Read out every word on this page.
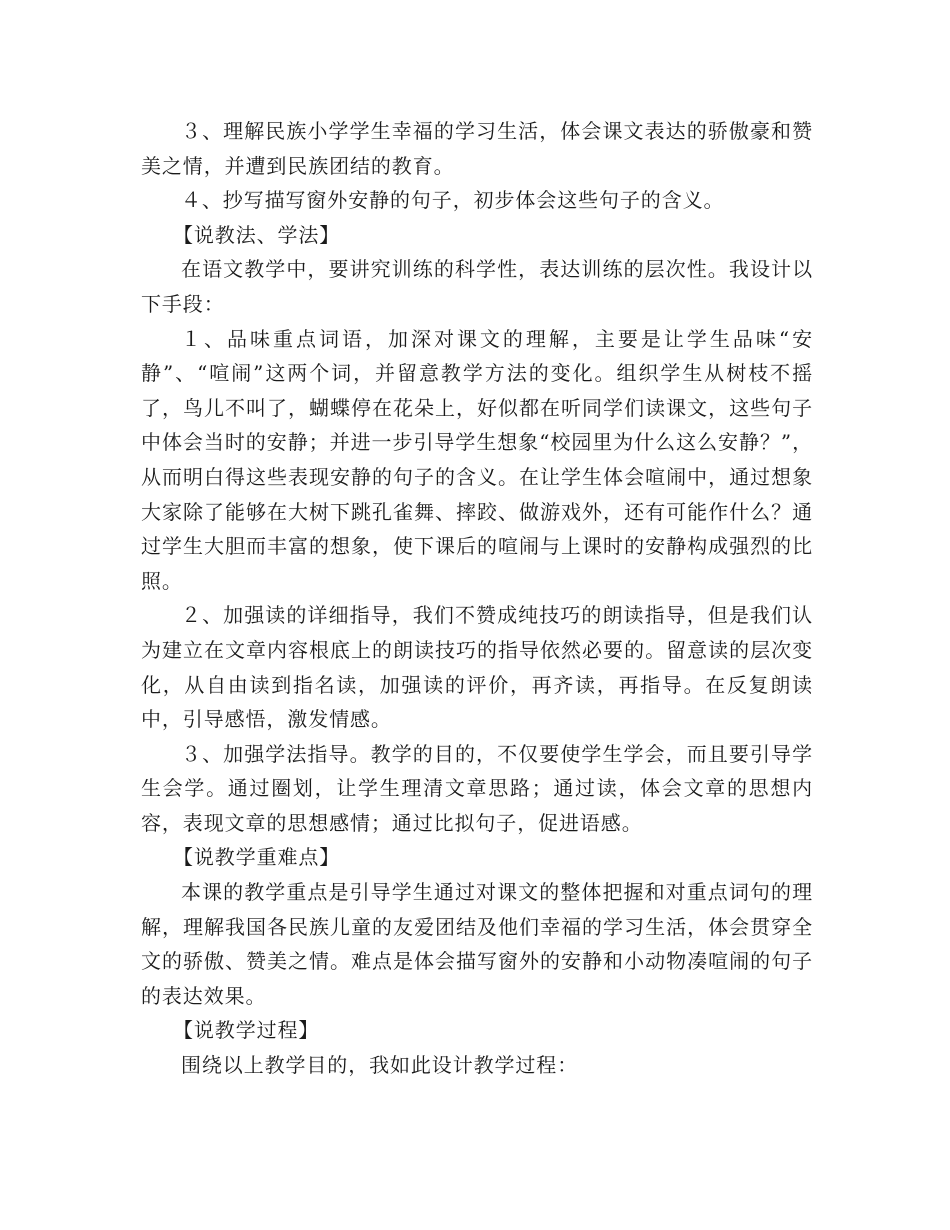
３、理解民族小学学生幸福的学习生活，体会课文表达的骄傲豪和赞美之情，并遭到民族团结的教育。

４、抄写描写窗外安静的句子，初步体会这些句子的含义。

【说教法、学法】

在语文教学中，要讲究训练的科学性，表达训练的层次性。我设计以下手段：

１、品味重点词语，加深对课文的理解，主要是让学生品味“安静”、“喧闹”这两个词，并留意教学方法的变化。组织学生从树枝不摇了，鸟儿不叫了，蝴蝶停在花朵上，好似都在听同学们读课文，这些句子中体会当时的安静；并进一步引导学生想象“校园里为什么这么安静？”，从而明白得这些表现安静的句子的含义。在让学生体会喧闹中，通过想象大家除了能够在大树下跳孔雀舞、摔跤、做游戏外，还有可能作什么？通过学生大胆而丰富的想象，使下课后的喧闹与上课时的安静构成强烈的比照。

２、加强读的详细指导，我们不赞成纯技巧的朗读指导，但是我们认为建立在文章内容根底上的朗读技巧的指导依然必要的。留意读的层次变化，从自由读到指名读，加强读的评价，再齐读，再指导。在反复朗读中，引导感悟，激发情感。

３、加强学法指导。教学的目的，不仅要使学生学会，而且要引导学生会学。通过圈划，让学生理清文章思路；通过读，体会文章的思想内容，表现文章的思想感情；通过比拟句子，促进语感。

【说教学重难点】

本课的教学重点是引导学生通过对课文的整体把握和对重点词句的理解，理解我国各民族儿童的友爱团结及他们幸福的学习生活，体会贯穿全文的骄傲、赞美之情。难点是体会描写窗外的安静和小动物凑喧闹的句子的表达效果。

【说教学过程】

围绕以上教学目的，我如此设计教学过程：
